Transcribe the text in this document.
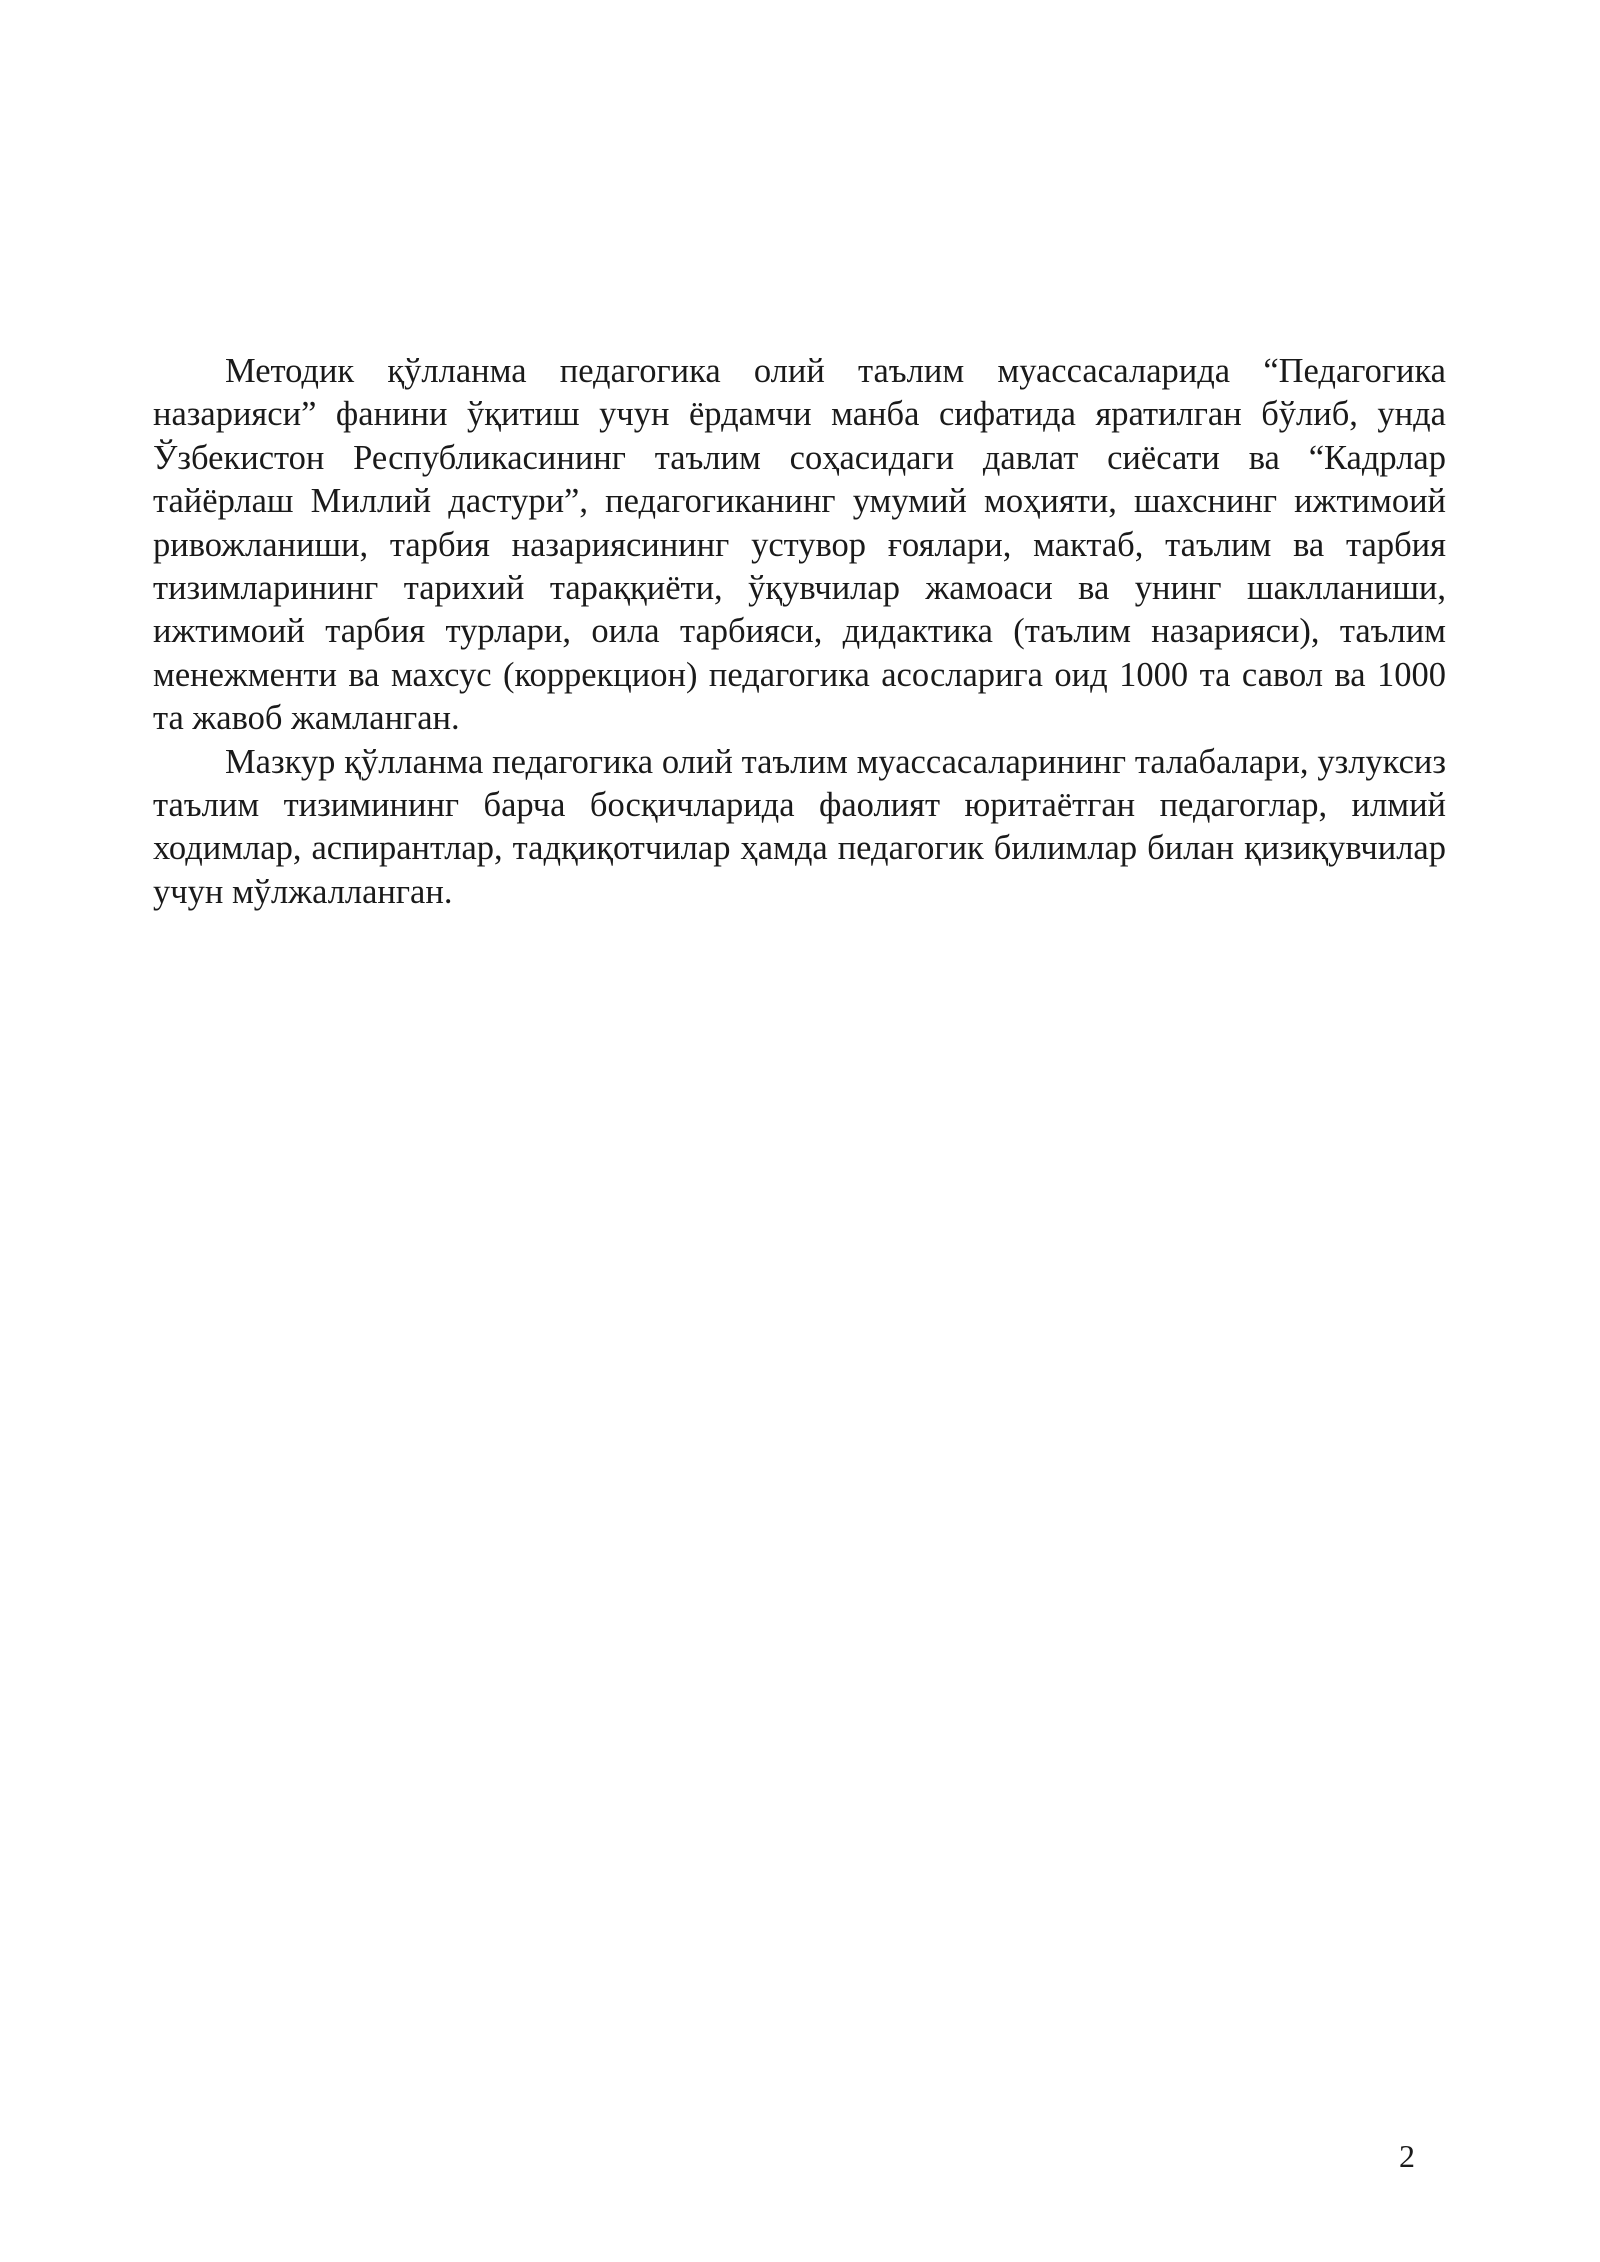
Методик қўлланма педагогика олий таълим муассасаларида “Педагогика назарияси” фанини ўқитиш учун ёрдамчи манба сифатида яратилган бўлиб, унда Ўзбекистон Республикасининг таълим соҳасидаги давлат сиёсати ва “Кадрлар тайёрлаш Миллий дастури”, педагогиканинг умумий моҳияти, шахснинг ижтимоий ривожланиши, тарбия назариясининг устувор ғоялари, мактаб, таълим ва тарбия тизимларининг тарихий тараққиёти, ўқувчилар жамоаси ва унинг шаклланиши, ижтимоий тарбия турлари, оила тарбияси, дидактика (таълим назарияси), таълим менежменти ва махсус (коррекцион) педагогика асосларига оид 1000 та савол ва 1000 та жавоб жамланган.

Мазкур қўлланма педагогика олий таълим муассасаларининг талабалари, узлуксиз таълим тизимининг барча босқичларида фаолият юритаётган педагоглар, илмий ходимлар, аспирантлар, тадқиқотчилар ҳамда педагогик билимлар билан қизиқувчилар учун мўлжалланган.

2
